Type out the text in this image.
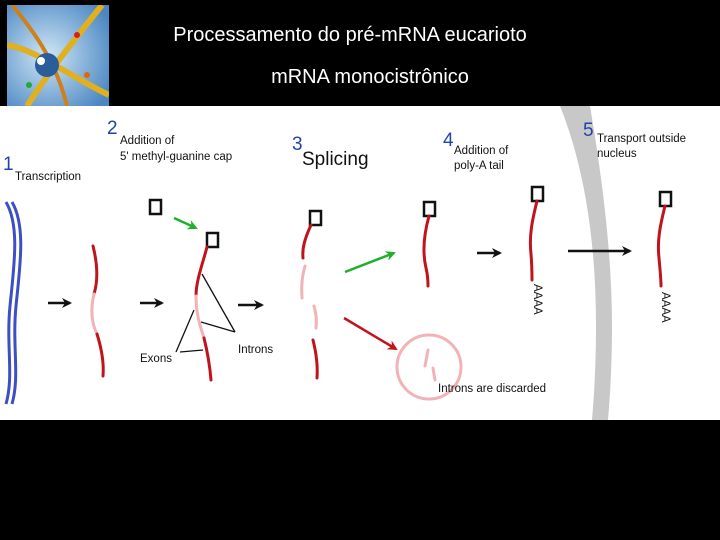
Processamento do pré-mRNA eucarioto
mRNA monocistrônico
2
Addition of
5' methyl-guanine cap
1
Transcription
3
Splicing
4 Addition of
poly-A tail
5 Transport outside
nucleus
Exons
Introns
Introns are discarded
AAAA	AAAA
